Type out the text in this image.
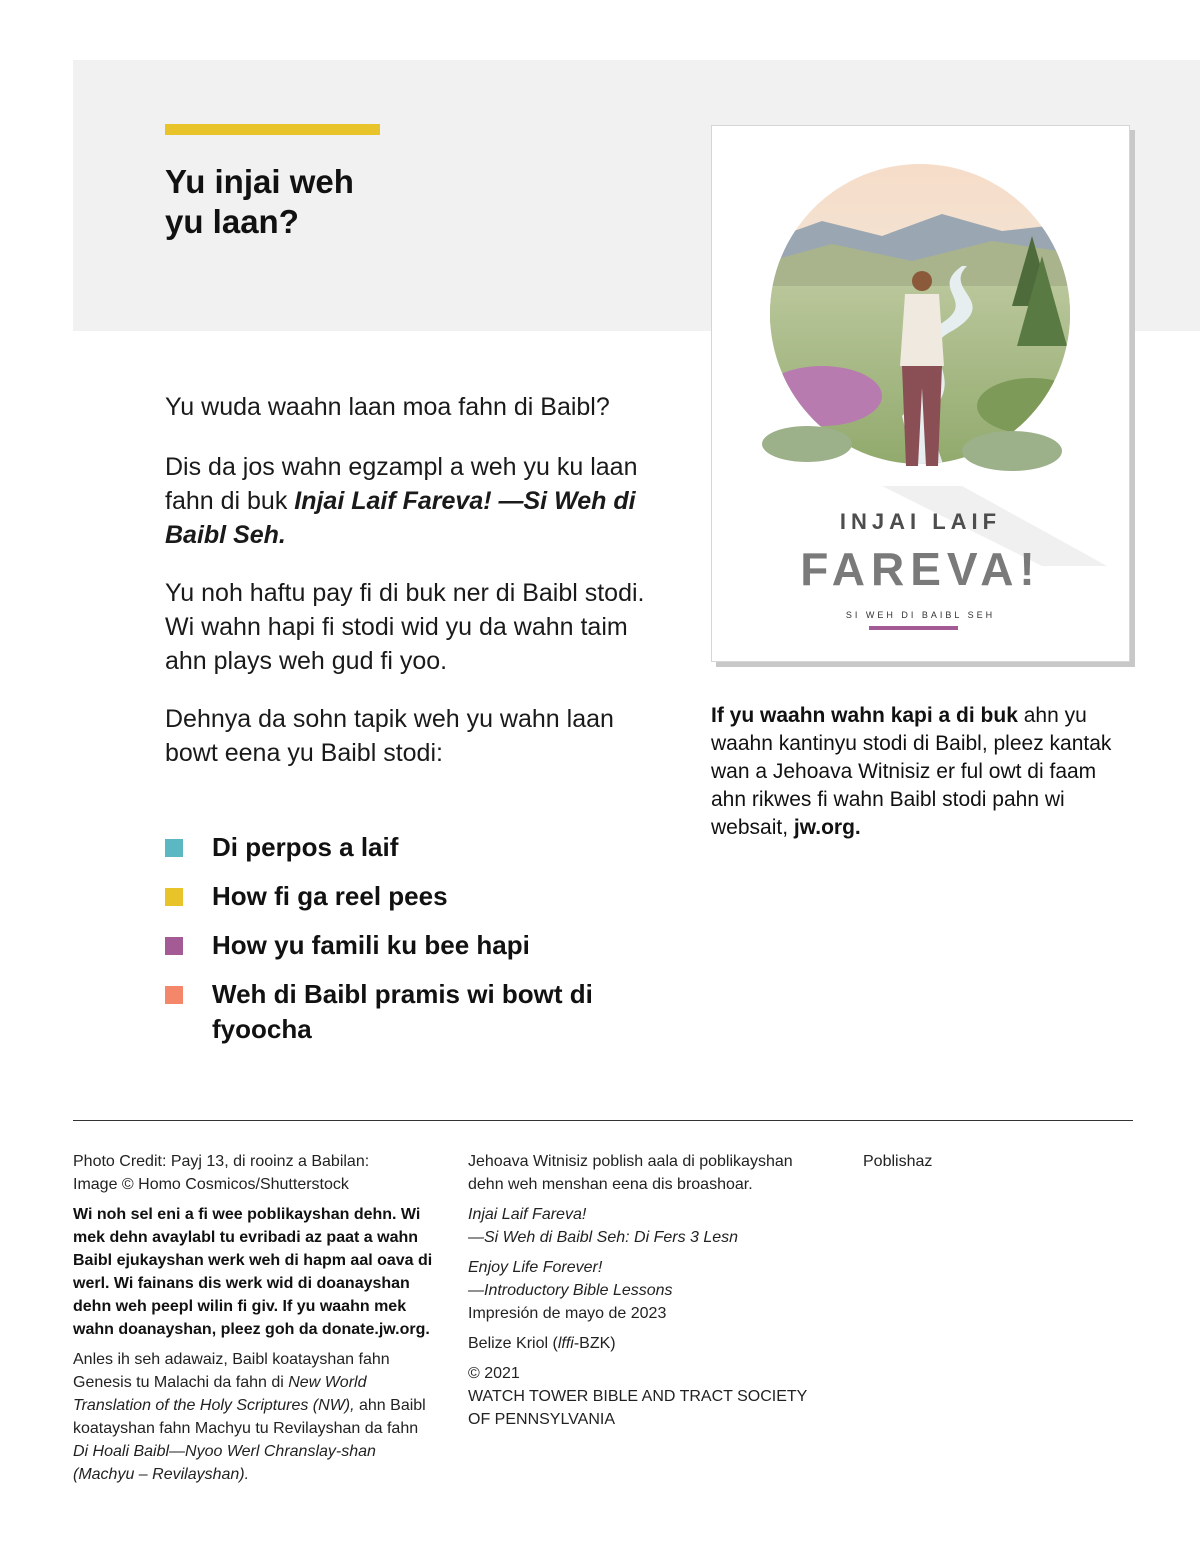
Yu injai weh
yu laan?

Yu wuda waahn laan moa fahn di Baibl?

Dis da jos wahn egzampl a weh yu ku laan fahn di buk Injai Laif Fareva! —Si Weh di Baibl Seh.

Yu noh haftu pay fi di buk ner di Baibl stodi. Wi wahn hapi fi stodi wid yu da wahn taim ahn plays weh gud fi yoo.

Dehnya da sohn tapik weh yu wahn laan bowt eena yu Baibl stodi:

Di perpos a laif
How fi ga reel pees
How yu famili ku bee hapi
Weh di Baibl pramis wi bowt di fyoocha
INJAI LAIF
FAREVA!
SI WEH DI BAIBL SEH
If yu waahn wahn kapi a di buk ahn yu waahn kantinyu stodi di Baibl, pleez kantak wan a Jehoava Witnisiz er ful owt di faam ahn rikwes fi wahn Baibl stodi pahn wi websait, jw.org.

Photo Credit: Payj 13, di rooinz a Babilan:
Image © Homo Cosmicos/Shutterstock

Wi noh sel eni a fi wee poblikayshan dehn. Wi mek dehn avaylabl tu evribadi az paat a wahn Baibl ejukayshan werk weh di hapm aal oava di werl. Wi fainans dis werk wid di doanayshan dehn weh peepl wilin fi giv. If yu waahn mek wahn doanayshan, pleez goh da donate.jw.org.

Anles ih seh adawaiz, Baibl koataysha​n fahn Genesis tu Malachi da fahn di New World Translation of the Holy Scriptures (NW), ahn Baibl koataysha​n fahn Machyu tu Revilayshan da fahn Di Hoali Baibl—Nyoo Werl Chranslay-shan (Machyu – Revilayshan).

Jehoava Witnisiz poblish aala di poblikayshan dehn weh menshan eena dis broashoar.

Injai Laif Fareva!
—Si Weh di Baibl Seh: Di Fers 3 Lesn

Enjoy Life Forever!
—Introductory Bible Lessons
Impresión de mayo de 2023

Belize Kriol (lffi-BZK)

© 2021
WATCH TOWER BIBLE AND TRACT SOCIETY
OF PENNSYLVANIA

Poblishaz
